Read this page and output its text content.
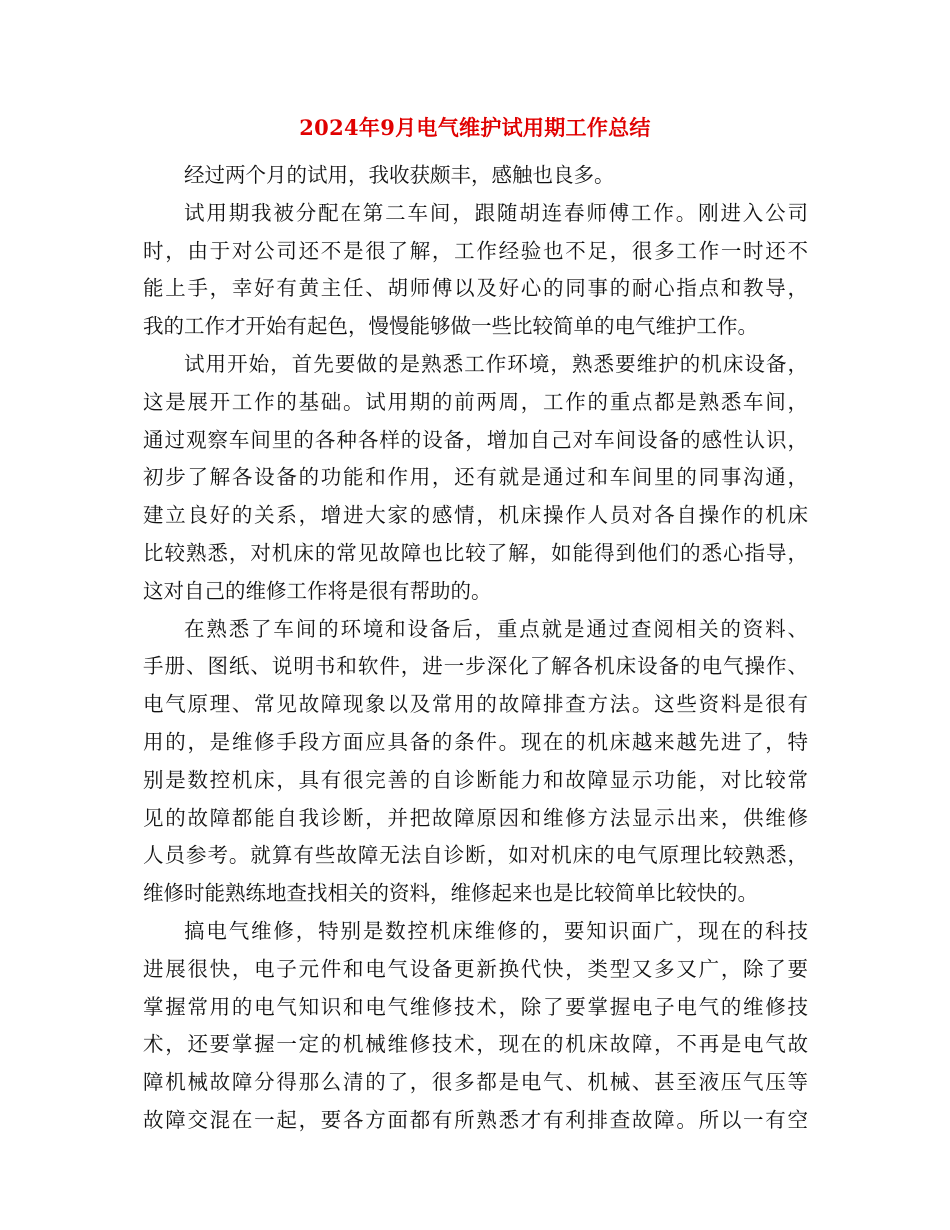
2024年9月电气维护试用期工作总结
经过两个月的试用，我收获颇丰，感触也良多。
试用期我被分配在第二车间，跟随胡连春师傅工作。刚进入公司
时，由于对公司还不是很了解，工作经验也不足，很多工作一时还不
能上手，幸好有黄主任、胡师傅以及好心的同事的耐心指点和教导，
我的工作才开始有起色，慢慢能够做一些比较简单的电气维护工作。
试用开始，首先要做的是熟悉工作环境，熟悉要维护的机床设备，
这是展开工作的基础。试用期的前两周，工作的重点都是熟悉车间，
通过观察车间里的各种各样的设备，增加自己对车间设备的感性认识，
初步了解各设备的功能和作用，还有就是通过和车间里的同事沟通，
建立良好的关系，增进大家的感情，机床操作人员对各自操作的机床
比较熟悉，对机床的常见故障也比较了解，如能得到他们的悉心指导，
这对自己的维修工作将是很有帮助的。
在熟悉了车间的环境和设备后，重点就是通过查阅相关的资料、
手册、图纸、说明书和软件，进一步深化了解各机床设备的电气操作、
电气原理、常见故障现象以及常用的故障排查方法。这些资料是很有
用的，是维修手段方面应具备的条件。现在的机床越来越先进了，特
别是数控机床，具有很完善的自诊断能力和故障显示功能，对比较常
见的故障都能自我诊断，并把故障原因和维修方法显示出来，供维修
人员参考。就算有些故障无法自诊断，如对机床的电气原理比较熟悉，
维修时能熟练地查找相关的资料，维修起来也是比较简单比较快的。
搞电气维修，特别是数控机床维修的，要知识面广，现在的科技
进展很快，电子元件和电气设备更新换代快，类型又多又广，除了要
掌握常用的电气知识和电气维修技术，除了要掌握电子电气的维修技
术，还要掌握一定的机械维修技术，现在的机床故障，不再是电气故
障机械故障分得那么清的了，很多都是电气、机械、甚至液压气压等
故障交混在一起，要各方面都有所熟悉才有利排查故障。所以一有空
